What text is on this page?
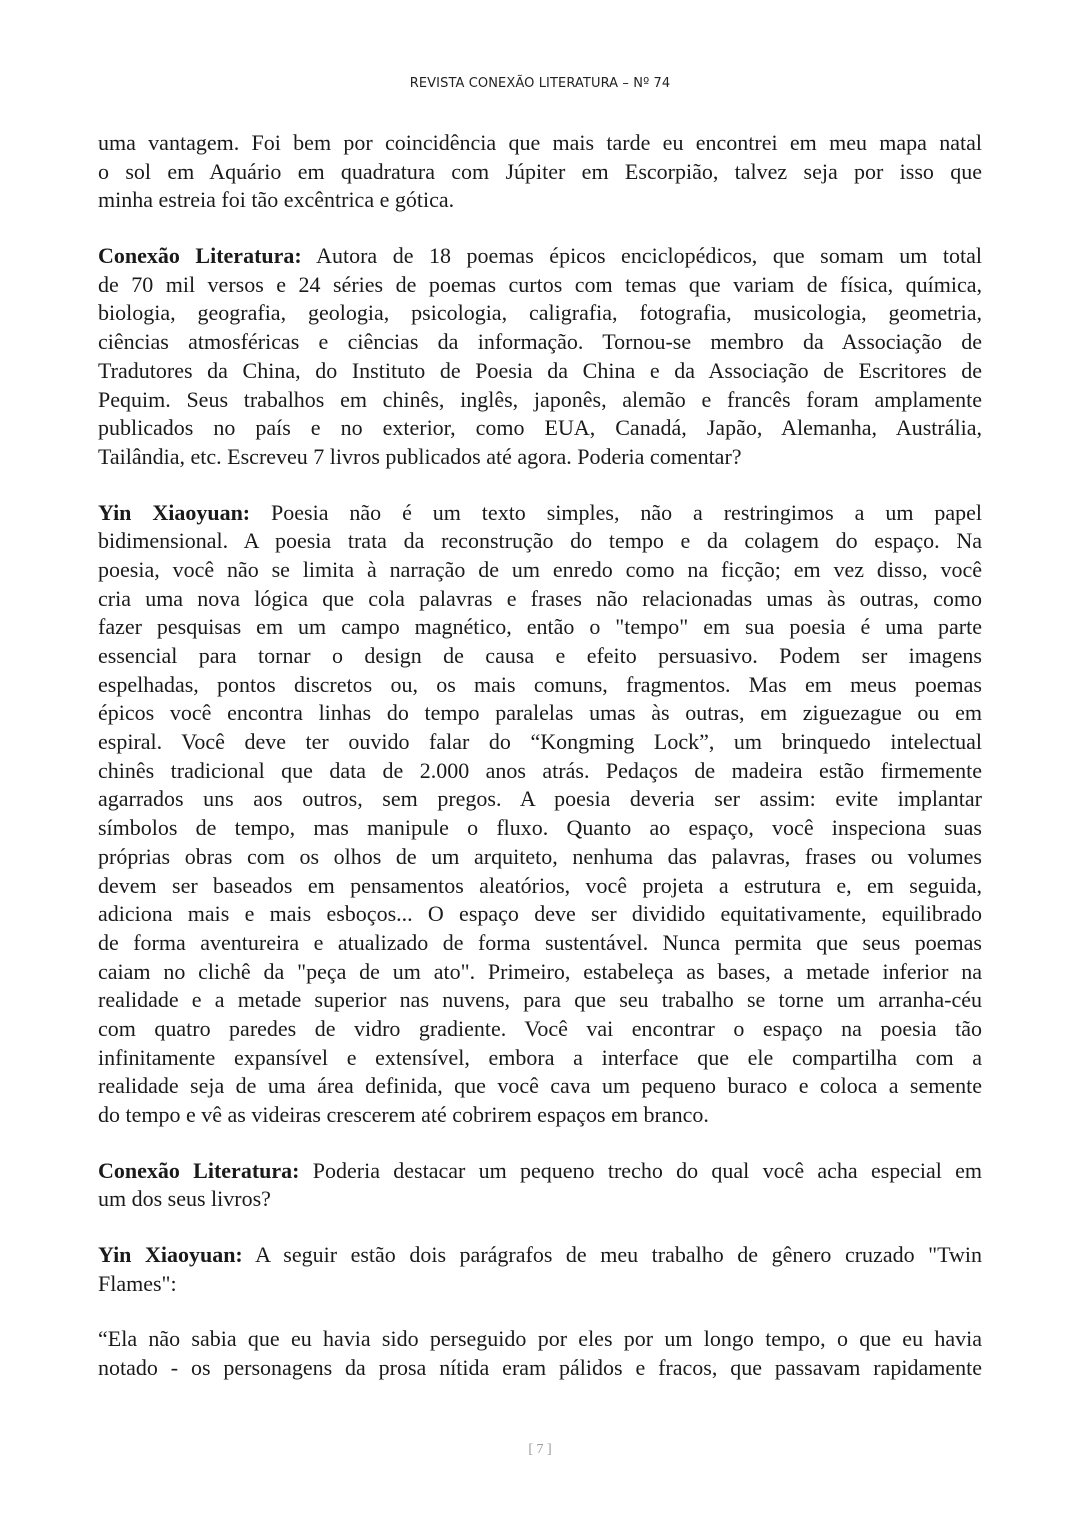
REVISTA CONEXÃO LITERATURA – Nº 74
uma vantagem. Foi bem por coincidência que mais tarde eu encontrei em meu mapa natal
o sol em Aquário em quadratura com Júpiter em Escorpião, talvez seja por isso que
minha estreia foi tão excêntrica e gótica.
Conexão Literatura: Autora de 18 poemas épicos enciclopédicos, que somam um total
de 70 mil versos e 24 séries de poemas curtos com temas que variam de física, química,
biologia, geografia, geologia, psicologia, caligrafia, fotografia, musicologia, geometria,
ciências atmosféricas e ciências da informação. Tornou-se membro da Associação de
Tradutores da China, do Instituto de Poesia da China e da Associação de Escritores de
Pequim. Seus trabalhos em chinês, inglês, japonês, alemão e francês foram amplamente
publicados no país e no exterior, como EUA, Canadá, Japão, Alemanha, Austrália,
Tailândia, etc. Escreveu 7 livros publicados até agora. Poderia comentar?
Yin Xiaoyuan: Poesia não é um texto simples, não a restringimos a um papel
bidimensional. A poesia trata da reconstrução do tempo e da colagem do espaço. Na
poesia, você não se limita à narração de um enredo como na ficção; em vez disso, você
cria uma nova lógica que cola palavras e frases não relacionadas umas às outras, como
fazer pesquisas em um campo magnético, então o "tempo" em sua poesia é uma parte
essencial para tornar o design de causa e efeito persuasivo. Podem ser imagens
espelhadas, pontos discretos ou, os mais comuns, fragmentos. Mas em meus poemas
épicos você encontra linhas do tempo paralelas umas às outras, em ziguezague ou em
espiral. Você deve ter ouvido falar do “Kongming Lock”, um brinquedo intelectual
chinês tradicional que data de 2.000 anos atrás. Pedaços de madeira estão firmemente
agarrados uns aos outros, sem pregos. A poesia deveria ser assim: evite implantar
símbolos de tempo, mas manipule o fluxo. Quanto ao espaço, você inspeciona suas
próprias obras com os olhos de um arquiteto, nenhuma das palavras, frases ou volumes
devem ser baseados em pensamentos aleatórios, você projeta a estrutura e, em seguida,
adiciona mais e mais esboços... O espaço deve ser dividido equitativamente, equilibrado
de forma aventureira e atualizado de forma sustentável. Nunca permita que seus poemas
caiam no clichê da "peça de um ato". Primeiro, estabeleça as bases, a metade inferior na
realidade e a metade superior nas nuvens, para que seu trabalho se torne um arranha-céu
com quatro paredes de vidro gradiente. Você vai encontrar o espaço na poesia tão
infinitamente expansível e extensível, embora a interface que ele compartilha com a
realidade seja de uma área definida, que você cava um pequeno buraco e coloca a semente
do tempo e vê as videiras crescerem até cobrirem espaços em branco.
Conexão Literatura: Poderia destacar um pequeno trecho do qual você acha especial em
um dos seus livros?
Yin Xiaoyuan: A seguir estão dois parágrafos de meu trabalho de gênero cruzado "Twin
Flames":
“Ela não sabia que eu havia sido perseguido por eles por um longo tempo, o que eu havia
notado - os personagens da prosa nítida eram pálidos e fracos, que passavam rapidamente
[ 7 ]
